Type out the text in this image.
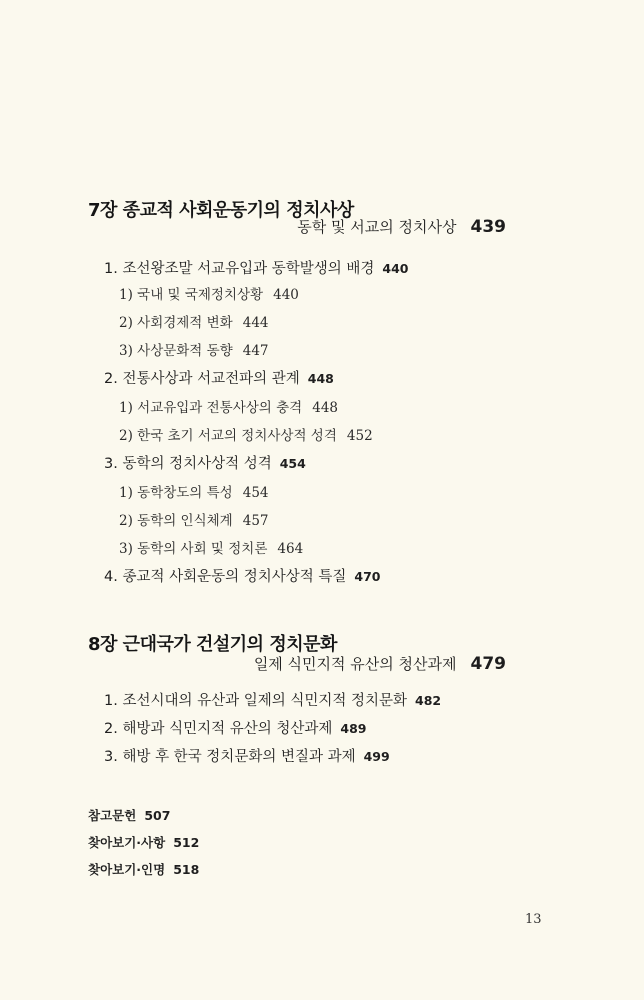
7장 종교적 사회운동기의 정치사상
동학 및 서교의 정치사상 439
1. 조선왕조말 서교유입과 동학발생의 배경 440
1) 국내 및 국제정치상황 440
2) 사회경제적 변화 444
3) 사상문화적 동향 447
2. 전통사상과 서교전파의 관계 448
1) 서교유입과 전통사상의 충격 448
2) 한국 초기 서교의 정치사상적 성격 452
3. 동학의 정치사상적 성격 454
1) 동학창도의 특성 454
2) 동학의 인식체계 457
3) 동학의 사회 및 정치론 464
4. 종교적 사회운동의 정치사상적 특질 470
8장 근대국가 건설기의 정치문화
일제 식민지적 유산의 청산과제 479
1. 조선시대의 유산과 일제의 식민지적 정치문화 482
2. 해방과 식민지적 유산의 청산과제 489
3. 해방 후 한국 정치문화의 변질과 과제 499
참고문헌 507
찾아보기·사항 512
찾아보기·인명 518
13
